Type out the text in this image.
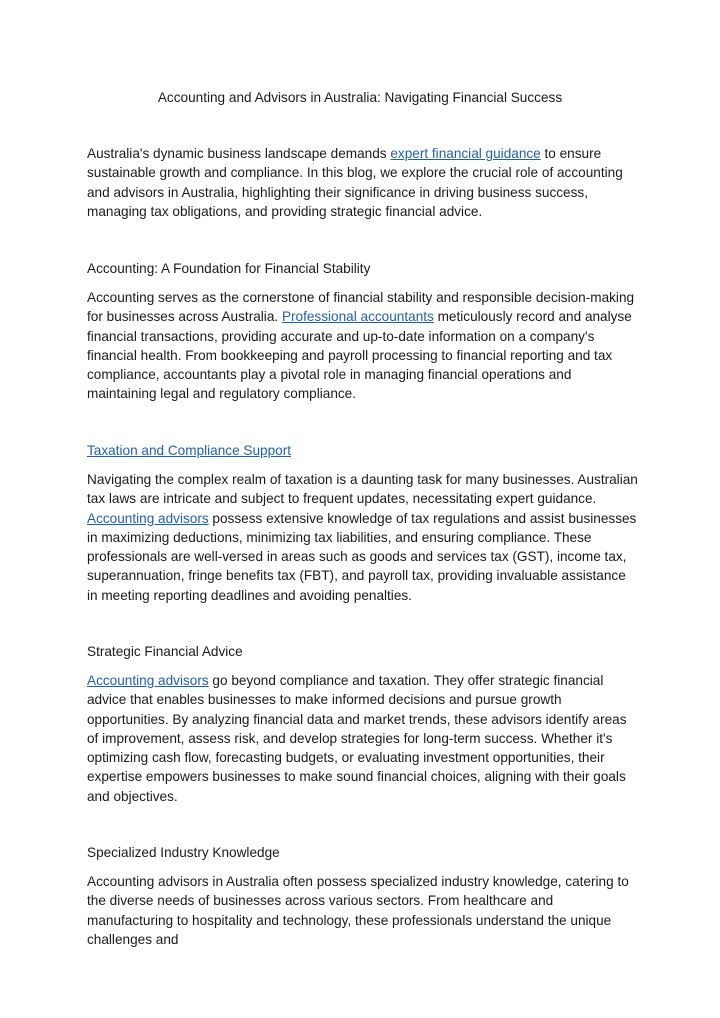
Accounting and Advisors in Australia: Navigating Financial Success

Australia's dynamic business landscape demands expert financial guidance to ensure sustainable growth and compliance. In this blog, we explore the crucial role of accounting and advisors in Australia, highlighting their significance in driving business success, managing tax obligations, and providing strategic financial advice.

Accounting: A Foundation for Financial Stability

Accounting serves as the cornerstone of financial stability and responsible decision-making for businesses across Australia. Professional accountants meticulously record and analyse financial transactions, providing accurate and up-to-date information on a company's financial health. From bookkeeping and payroll processing to financial reporting and tax compliance, accountants play a pivotal role in managing financial operations and maintaining legal and regulatory compliance.

Taxation and Compliance Support

Navigating the complex realm of taxation is a daunting task for many businesses. Australian tax laws are intricate and subject to frequent updates, necessitating expert guidance. Accounting advisors possess extensive knowledge of tax regulations and assist businesses in maximizing deductions, minimizing tax liabilities, and ensuring compliance. These professionals are well-versed in areas such as goods and services tax (GST), income tax, superannuation, fringe benefits tax (FBT), and payroll tax, providing invaluable assistance in meeting reporting deadlines and avoiding penalties.

Strategic Financial Advice

Accounting advisors go beyond compliance and taxation. They offer strategic financial advice that enables businesses to make informed decisions and pursue growth opportunities. By analyzing financial data and market trends, these advisors identify areas of improvement, assess risk, and develop strategies for long-term success. Whether it's optimizing cash flow, forecasting budgets, or evaluating investment opportunities, their expertise empowers businesses to make sound financial choices, aligning with their goals and objectives.

Specialized Industry Knowledge

Accounting advisors in Australia often possess specialized industry knowledge, catering to the diverse needs of businesses across various sectors. From healthcare and manufacturing to hospitality and technology, these professionals understand the unique challenges and
